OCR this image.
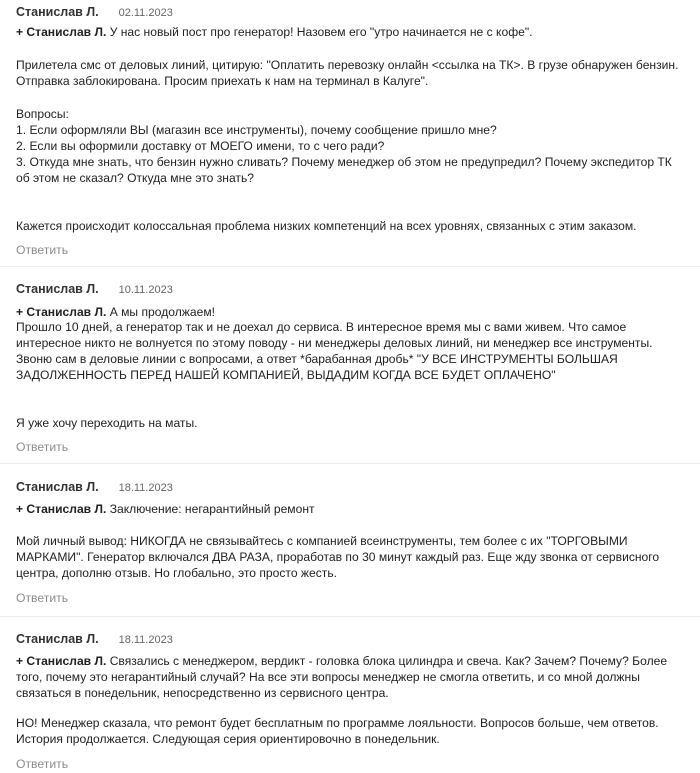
Станислав Л. 02.11.2023
+ Станислав Л. У нас новый пост про генератор! Назовем его "утро начинается не с кофе".
Прилетела смс от деловых линий, цитирую: "Оплатить перевозку онлайн <ссылка на ТК>. В грузе обнаружен бензин. Отправка заблокирована. Просим приехать к нам на терминал в Калуге".
Вопросы:
1. Если оформляли ВЫ (магазин все инструменты), почему сообщение пришло мне?
2. Если вы оформили доставку от МОЕГО имени, то с чего ради?
3. Откуда мне знать, что бензин нужно сливать? Почему менеджер об этом не предупредил? Почему экспедитор ТК об этом не сказал? Откуда мне это знать?
Кажется происходит колоссальная проблема низких компетенций на всех уровнях, связанных с этим заказом.
Ответить
Станислав Л. 10.11.2023
+ Станислав Л. А мы продолжаем!
Прошло 10 дней, а генератор так и не доехал до сервиса. В интересное время мы с вами живем. Что самое интересное никто не волнуется по этому поводу - ни менеджеры деловых линий, ни менеджер все инструменты. Звоню сам в деловые линии с вопросами, а ответ *барабанная дробь* "У ВСЕ ИНСТРУМЕНТЫ БОЛЬШАЯ ЗАДОЛЖЕННОСТЬ ПЕРЕД НАШЕЙ КОМПАНИЕЙ, ВЫДАДИМ КОГДА ВСЕ БУДЕТ ОПЛАЧЕНО"
Я уже хочу переходить на маты.
Ответить
Станислав Л. 18.11.2023
+ Станислав Л. Заключение: негарантийный ремонт
Мой личный вывод: НИКОГДА не связывайтесь с компанией всеинструменты, тем более с их "ТОРГОВЫМИ МАРКАМИ". Генератор включался ДВА РАЗА, проработав по 30 минут каждый раз. Еще жду звонка от сервисного центра, дополню отзыв. Но глобально, это просто жесть.
Ответить
Станислав Л. 18.11.2023
+ Станислав Л. Связались с менеджером, вердикт - головка блока цилиндра и свеча. Как? Зачем? Почему? Более того, почему это негарантийный случай? На все эти вопросы менеджер не смогла ответить, и со мной должны связаться в понедельник, непосредственно из сервисного центра.
НО! Менеджер сказала, что ремонт будет бесплатным по программе лояльности. Вопросов больше, чем ответов. История продолжается. Следующая серия ориентировочно в понедельник.
Ответить
